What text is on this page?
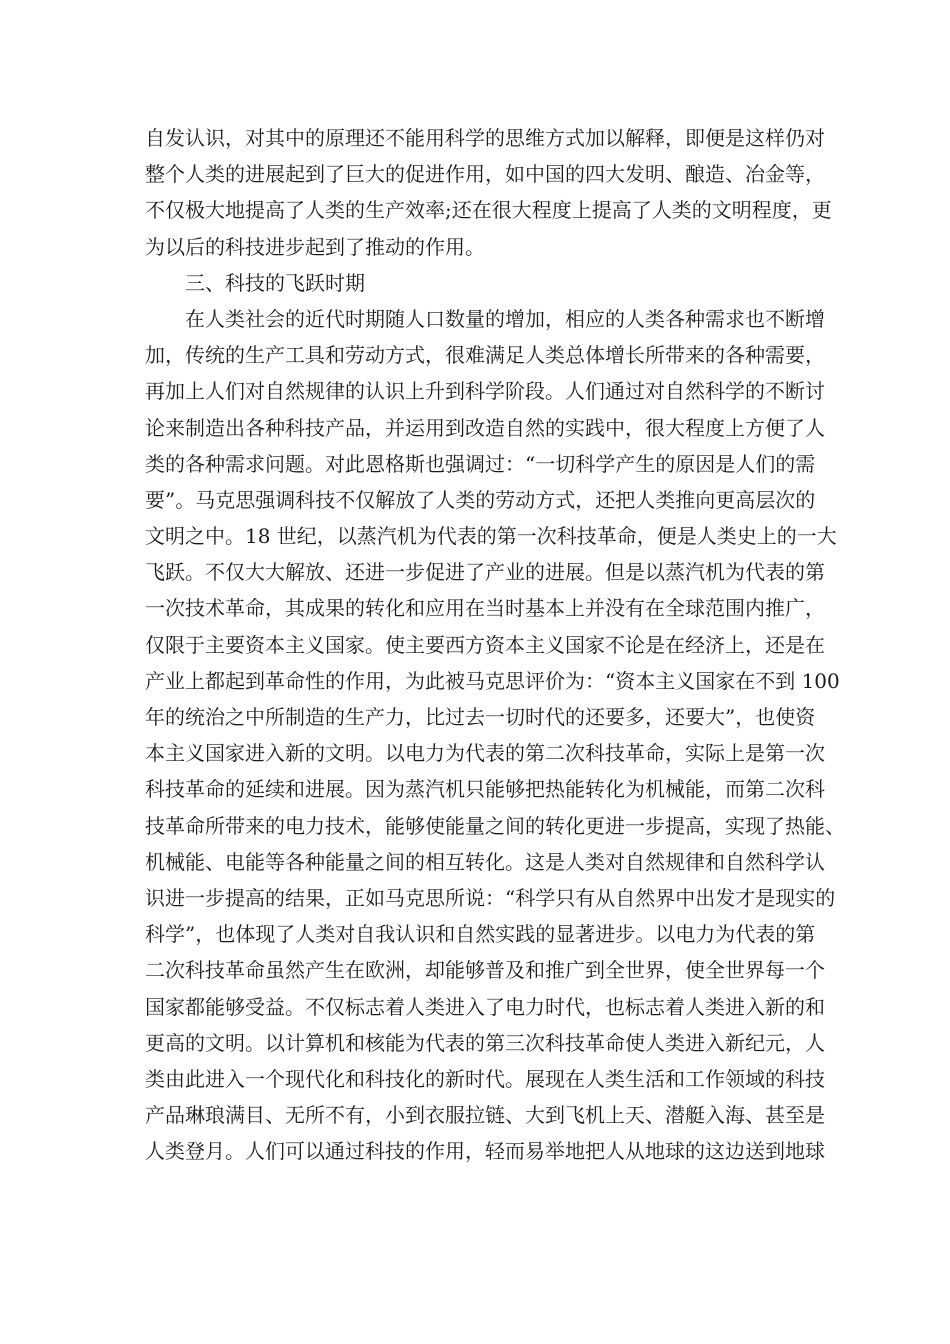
自发认识，对其中的原理还不能用科学的思维方式加以解释，即便是这样仍对
整个人类的进展起到了巨大的促进作用，如中国的四大发明、酿造、冶金等，
不仅极大地提高了人类的生产效率;还在很大程度上提高了人类的文明程度，更
为以后的科技进步起到了推动的作用。
三、科技的飞跃时期
在人类社会的近代时期随人口数量的增加，相应的人类各种需求也不断增
加，传统的生产工具和劳动方式，很难满足人类总体增长所带来的各种需要，
再加上人们对自然规律的认识上升到科学阶段。人们通过对自然科学的不断讨
论来制造出各种科技产品，并运用到改造自然的实践中，很大程度上方便了人
类的各种需求问题。对此恩格斯也强调过：“一切科学产生的原因是人们的需
要”。马克思强调科技不仅解放了人类的劳动方式，还把人类推向更高层次的
文明之中。18 世纪，以蒸汽机为代表的第一次科技革命，便是人类史上的一大
飞跃。不仅大大解放、还进一步促进了产业的进展。但是以蒸汽机为代表的第
一次技术革命，其成果的转化和应用在当时基本上并没有在全球范围内推广，
仅限于主要资本主义国家。使主要西方资本主义国家不论是在经济上，还是在
产业上都起到革命性的作用，为此被马克思评价为：“资本主义国家在不到 100
年的统治之中所制造的生产力，比过去一切时代的还要多，还要大”，也使资
本主义国家进入新的文明。以电力为代表的第二次科技革命，实际上是第一次
科技革命的延续和进展。因为蒸汽机只能够把热能转化为机械能，而第二次科
技革命所带来的电力技术，能够使能量之间的转化更进一步提高，实现了热能、
机械能、电能等各种能量之间的相互转化。这是人类对自然规律和自然科学认
识进一步提高的结果，正如马克思所说：“科学只有从自然界中出发才是现实的
科学”，也体现了人类对自我认识和自然实践的显著进步。以电力为代表的第
二次科技革命虽然产生在欧洲，却能够普及和推广到全世界，使全世界每一个
国家都能够受益。不仅标志着人类进入了电力时代，也标志着人类进入新的和
更高的文明。以计算机和核能为代表的第三次科技革命使人类进入新纪元，人
类由此进入一个现代化和科技化的新时代。展现在人类生活和工作领域的科技
产品琳琅满目、无所不有，小到衣服拉链、大到飞机上天、潜艇入海、甚至是
人类登月。人们可以通过科技的作用，轻而易举地把人从地球的这边送到地球
